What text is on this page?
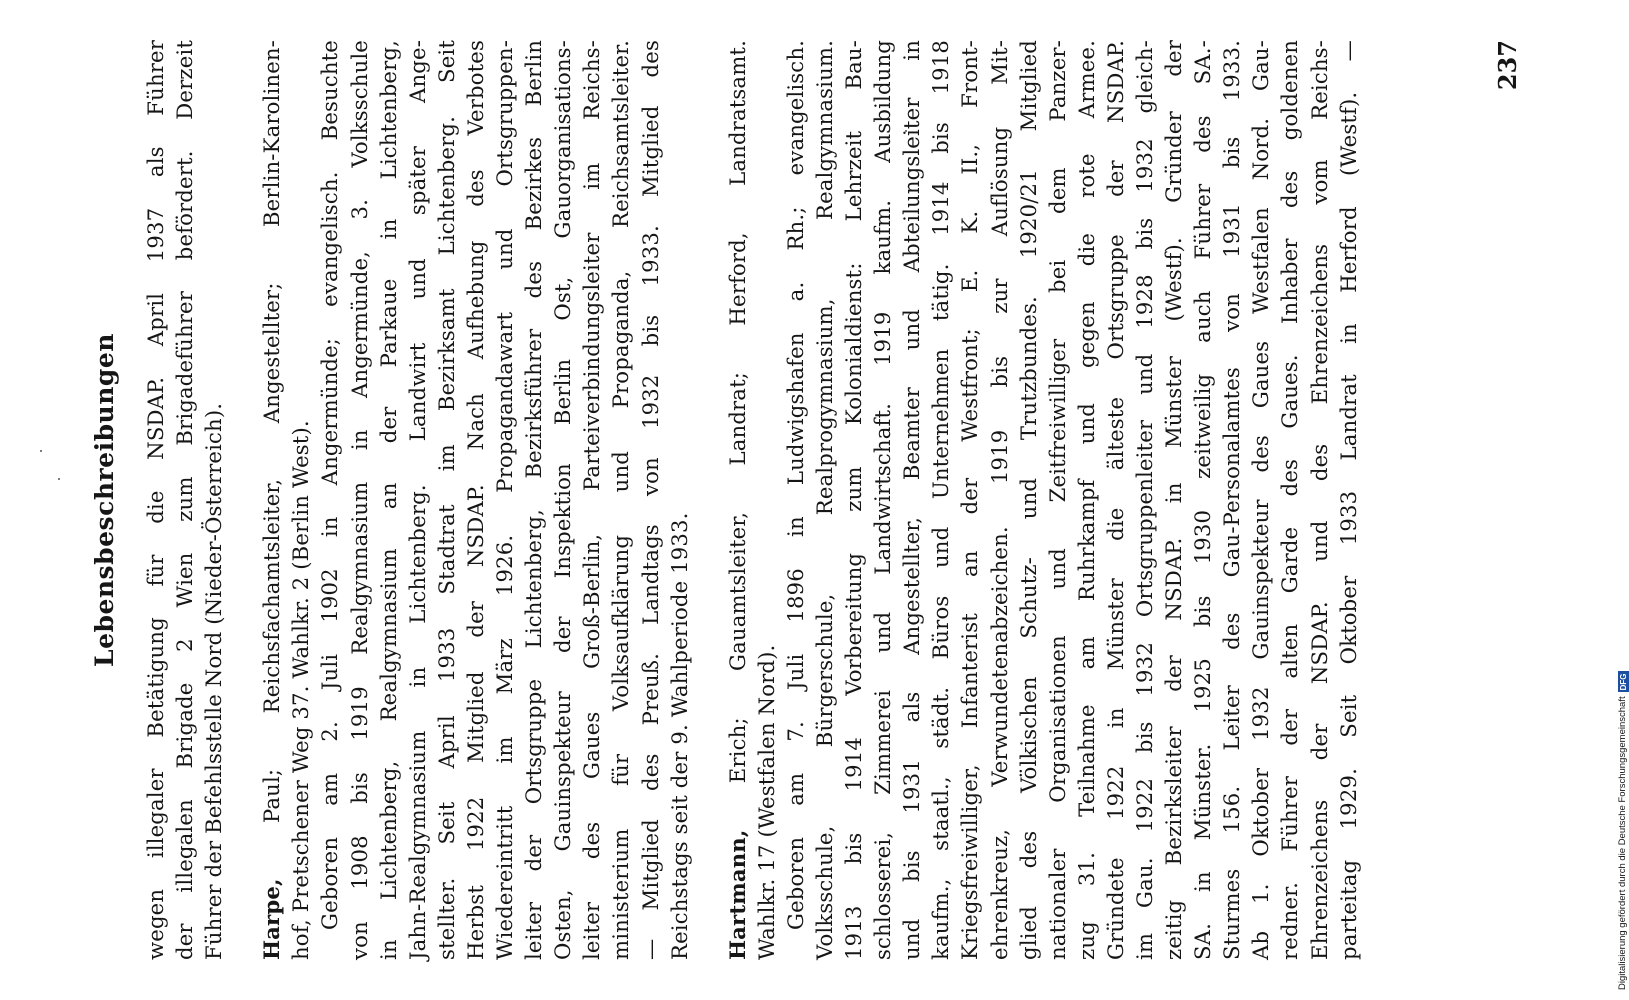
Lebensbeschreibungen wegen illegaler Betätigung für die NSDAP. April 1937 als Führer der illegalen Brigade 2 Wien zum Brigadeführer befördert. Derzeit Führer der Befehlsstelle Nord (Nieder-Österreich). Harpe, Paul; Reichsfachamtsleiter, Angestellter; Berlin-Karolinen- hof, Pretschener Weg 37. Wahlkr. 2 (Berlin West). Geboren am 2. Juli 1902 in Angermünde; evangelisch. Besuchte von 1908 bis 1919 Realgymnasium in Angermünde, 3. Volksschule in Lichtenberg, Realgymnasium an der Parkaue in Lichtenberg, Jahn-Realgymnasium in Lichtenberg. Landwirt und später Ange- stellter. Seit April 1933 Stadtrat im Bezirksamt Lichtenberg. Seit Herbst 1922 Mitglied der NSDAP. Nach Aufhebung des Verbotes Wiedereintritt im März 1926. Propagandawart und Ortsgruppen- leiter der Ortsgruppe Lichtenberg, Bezirksführer des Bezirkes Berlin Osten, Gauinspekteur der Inspektion Berlin Ost, Gauorganisations- leiter des Gaues Groß-Berlin, Parteiverbindungsleiter im Reichs- ministerium für Volksaufklärung und Propaganda, Reichsamtsleiter. — Mitglied des Preuß. Landtags von 1932 bis 1933. Mitglied des Reichstags seit der 9. Wahlperiode 1933. Hartmann, Erich; Gauamtsleiter, Landrat; Herford, Landratsamt. Wahlkr. 17 (Westfalen Nord). Geboren am 7. Juli 1896 in Ludwigshafen a. Rh.; evangelisch. Volksschule, Bürgerschule, Realprogymnasium, Realgymnasium. 1913 bis 1914 Vorbereitung zum Kolonialdienst: Lehrzeit Bau- schlosserei, Zimmerei und Landwirtschaft. 1919 kaufm. Ausbildung und bis 1931 als Angestellter, Beamter und Abteilungsleiter in kaufm., staatl., städt. Büros und Unternehmen tätig. 1914 bis 1918 Kriegsfreiwilliger, Infanterist an der Westfront; E. K. II., Front- ehrenkreuz, Verwundetenabzeichen. 1919 bis zur Auflösung Mit- glied des Völkischen Schutz- und Trutzbundes. 1920/21 Mitglied nationaler Organisationen und Zeitfreiwilliger bei dem Panzer- zug 31. Teilnahme am Ruhrkampf und gegen die rote Armee. Gründete 1922 in Münster die älteste Ortsgruppe der NSDAP. im Gau. 1922 bis 1932 Ortsgruppenleiter und 1928 bis 1932 gleich- zeitig Bezirksleiter der NSDAP. in Münster (Westf). Gründer der SA. in Münster. 1925 bis 1930 zeitweilig auch Führer des SA.- Sturmes 156. Leiter des Gau-Personalamtes von 1931 bis 1933. Ab 1. Oktober 1932 Gauinspekteur des Gaues Westfalen Nord. Gau- redner. Führer der alten Garde des Gaues. Inhaber des goldenen Ehrenzeichens der NSDAP. und des Ehrenzeichens vom Reichs- parteitag 1929. Seit Oktober 1933 Landrat in Herford (Westf). —	237
Digitalisierung gefördert durch die Deutsche Forschungsgemeinschaft
DFG
